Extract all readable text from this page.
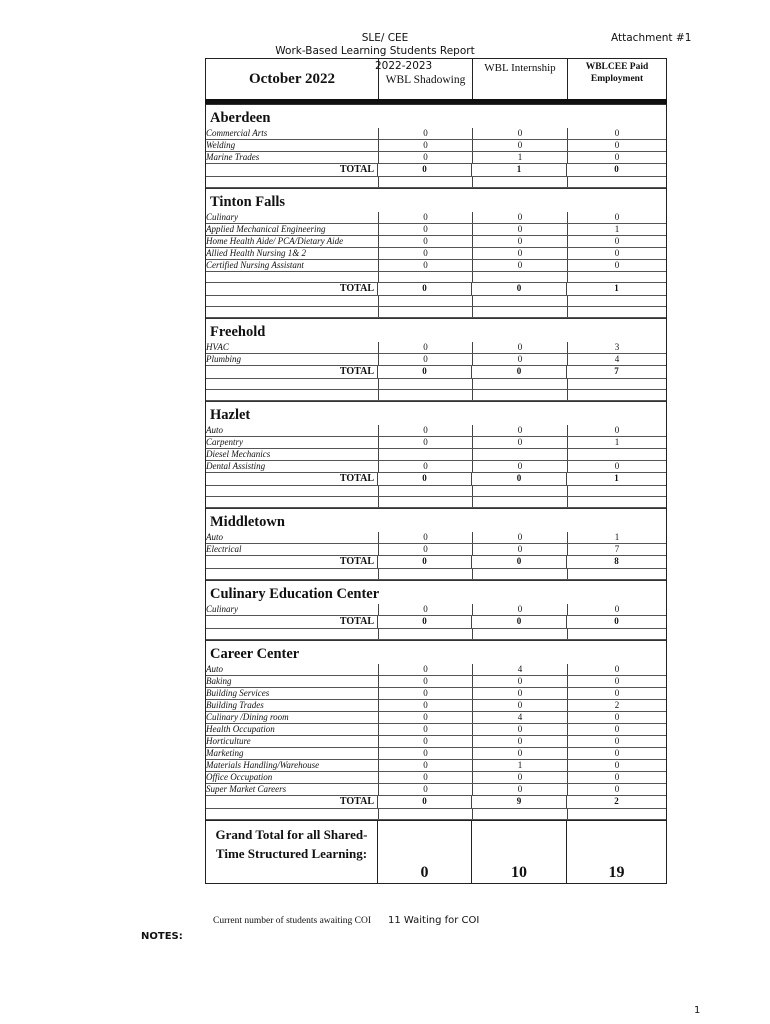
SLE/ CEE
Work-Based Learning Students Report
Attachment #1
October 2022
2022-2023
WBL Shadowing
WBL Internship	WBLCEE Paid Employment
Aberdeen
Commercial Arts	0	0	0
Welding	0	0	0
Marine Trades	0	1	0
TOTAL	0	1	0
Tinton Falls
Culinary	0	0	0
Applied Mechanical Engineering	0	0	1
Home Health Aide/ PCA/Dietary Aide	0	0	0
Allied Health Nursing 1& 2	0	0	0
Certified Nursing Assistant	0	0	0
TOTAL	0	0	1
Freehold
HVAC	0	0	3
Plumbing	0	0	4
TOTAL	0	0	7
Hazlet
Auto	0	0	0
Carpentry	0	0	1
Diesel Mechanics
Dental Assisting	0	0	0
TOTAL	0	0	1
Middletown
Auto	0	0	1
Electrical	0	0	7
TOTAL	0	0	8
Culinary Education Center
Culinary	0	0	0
TOTAL	0	0	0
Career Center
Auto	0	4	0
Baking	0	0	0
Building Services	0	0	0
Building Trades	0	0	2
Culinary /Dining room	0	4	0
Health Occupation	0	0	0
Horticulture	0	0	0
Marketing	0	0	0
Materials Handling/Warehouse	0	1	0
Office Occupation	0	0	0
Super Market Careers	0	0	0
TOTAL	0	9	2
Grand Total for all Shared-Time Structured Learning:
0	10	19
NOTES:
Current number of students awaiting COI	11 Waiting for COI
1
